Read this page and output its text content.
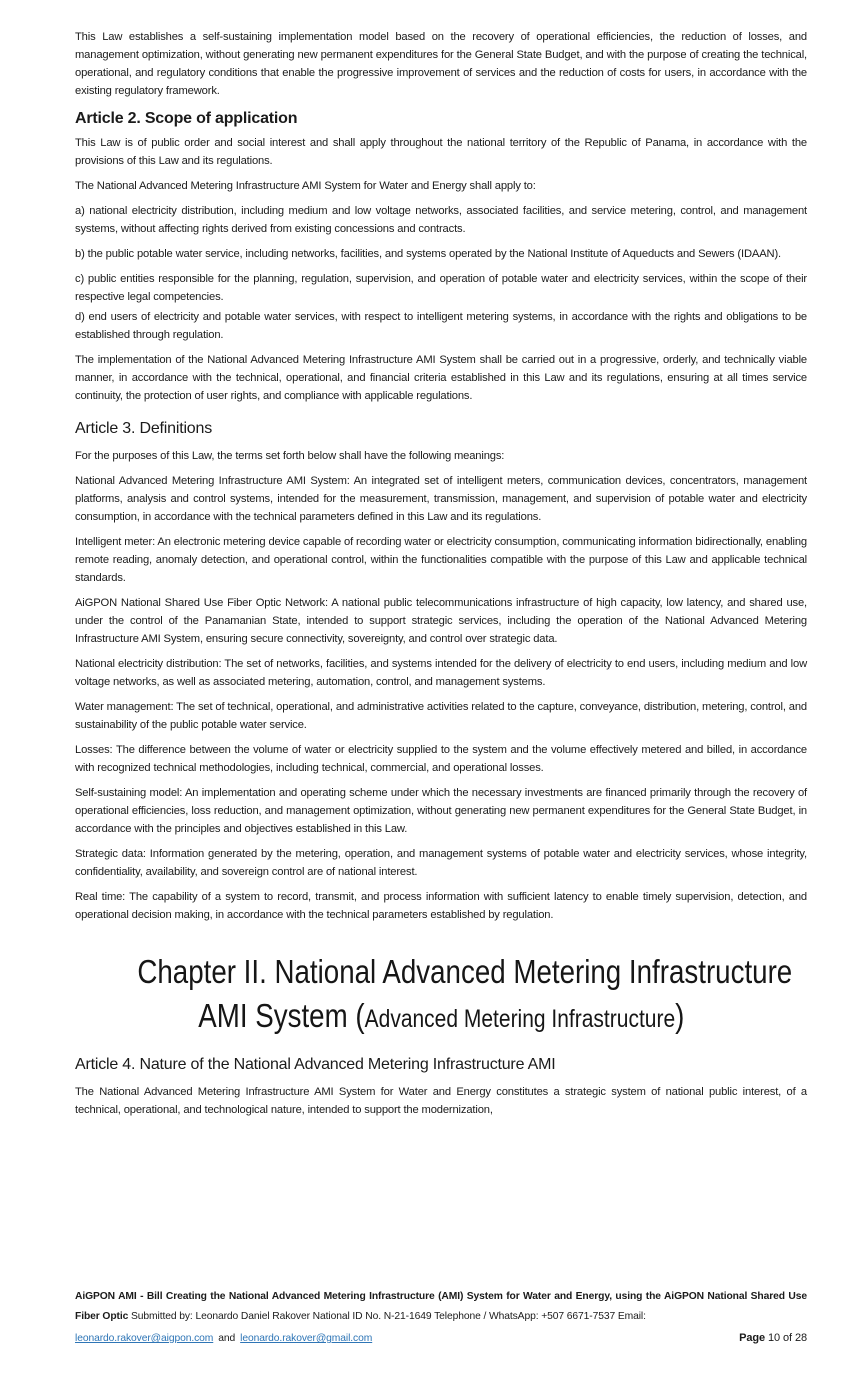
This Law establishes a self-sustaining implementation model based on the recovery of operational efficiencies, the reduction of losses, and management optimization, without generating new permanent expenditures for the General State Budget, and with the purpose of creating the technical, operational, and regulatory conditions that enable the progressive improvement of services and the reduction of costs for users, in accordance with the existing regulatory framework.

Article 2. Scope of application

This Law is of public order and social interest and shall apply throughout the national territory of the Republic of Panama, in accordance with the provisions of this Law and its regulations.

The National Advanced Metering Infrastructure AMI System for Water and Energy shall apply to:

a) national electricity distribution, including medium and low voltage networks, associated facilities, and service metering, control, and management systems, without affecting rights derived from existing concessions and contracts.

b) the public potable water service, including networks, facilities, and systems operated by the National Institute of Aqueducts and Sewers (IDAAN).

c) public entities responsible for the planning, regulation, supervision, and operation of potable water and electricity services, within the scope of their respective legal competencies.

d) end users of electricity and potable water services, with respect to intelligent metering systems, in accordance with the rights and obligations to be established through regulation.

The implementation of the National Advanced Metering Infrastructure AMI System shall be carried out in a progressive, orderly, and technically viable manner, in accordance with the technical, operational, and financial criteria established in this Law and its regulations, ensuring at all times service continuity, the protection of user rights, and compliance with applicable regulations.

Article 3. Definitions

For the purposes of this Law, the terms set forth below shall have the following meanings:

National Advanced Metering Infrastructure AMI System: An integrated set of intelligent meters, communication devices, concentrators, management platforms, analysis and control systems, intended for the measurement, transmission, management, and supervision of potable water and electricity consumption, in accordance with the technical parameters defined in this Law and its regulations.

Intelligent meter: An electronic metering device capable of recording water or electricity consumption, communicating information bidirectionally, enabling remote reading, anomaly detection, and operational control, within the functionalities compatible with the purpose of this Law and applicable technical standards.

AiGPON National Shared Use Fiber Optic Network: A national public telecommunications infrastructure of high capacity, low latency, and shared use, under the control of the Panamanian State, intended to support strategic services, including the operation of the National Advanced Metering Infrastructure AMI System, ensuring secure connectivity, sovereignty, and control over strategic data.

National electricity distribution: The set of networks, facilities, and systems intended for the delivery of electricity to end users, including medium and low voltage networks, as well as associated metering, automation, control, and management systems.

Water management: The set of technical, operational, and administrative activities related to the capture, conveyance, distribution, metering, control, and sustainability of the public potable water service.

Losses: The difference between the volume of water or electricity supplied to the system and the volume effectively metered and billed, in accordance with recognized technical methodologies, including technical, commercial, and operational losses.

Self-sustaining model: An implementation and operating scheme under which the necessary investments are financed primarily through the recovery of operational efficiencies, loss reduction, and management optimization, without generating new permanent expenditures for the General State Budget, in accordance with the principles and objectives established in this Law.

Strategic data: Information generated by the metering, operation, and management systems of potable water and electricity services, whose integrity, confidentiality, availability, and sovereign control are of national interest.

Real time: The capability of a system to record, transmit, and process information with sufficient latency to enable timely supervision, detection, and operational decision making, in accordance with the technical parameters established by regulation.

Chapter II. National Advanced Metering Infrastructure
AMI System (Advanced Metering Infrastructure)
Article 4. Nature of the National Advanced Metering Infrastructure AMI

The National Advanced Metering Infrastructure AMI System for Water and Energy constitutes a strategic system of national public interest, of a technical, operational, and technological nature, intended to support the modernization,

AiGPON AMI - Bill Creating the National Advanced Metering Infrastructure (AMI) System for Water and Energy, using the AiGPON National Shared Use Fiber Optic Submitted by: Leonardo Daniel Rakover National ID No. N-21-1649 Telephone / WhatsApp: +507 6671-7537 Email:
leonardo.rakover@aigpon.com and leonardo.rakover@gmail.com	Page 10 of 28
